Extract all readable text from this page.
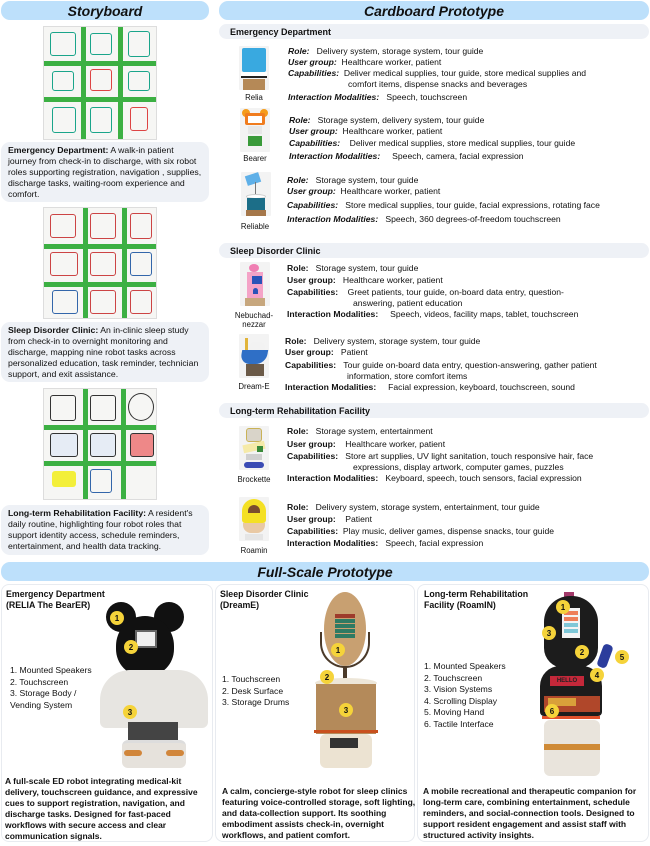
Storyboard
Emergency Department: A walk-in patient journey from check-in to discharge, with six robot roles supporting registration, navigation , supplies, discharge tasks, waiting-room experience and comfort.
Sleep Disorder Clinic: An in-clinic sleep study from check-in to overnight monitoring and discharge, mapping nine robot tasks across personalized education, task reminder, technician support, and exit assistance.
Long-term Rehabilitation Facility: A resident's daily routine, highlighting four robot roles that support identity access, schedule reminders, entertainment, and health data tracking.
Cardboard Prototype
Emergency Department
Relia
Role: Delivery system, storage system, tour guide
User group: Healthcare worker, patient
Capabilities: Deliver medical supplies, tour guide, store medical supplies and
comfort items, dispense snacks and beverages
Interaction Modalities: Speech, touchscreen
Bearer
Role: Storage system, delivery system, tour guide
User group: Healthcare worker, patient
Capabilities: Deliver medical supplies, store medical supplies, tour guide
Interaction Modalities: Speech, camera, facial expression
Reliable
Role: Storage system, tour guide
User group: Healthcare worker, patient
Capabilities: Store medical supplies, tour guide, facial expressions, rotating face
Interaction Modalities: Speech, 360 degrees-of-freedom touchscreen
Sleep Disorder Clinic
Nebuchad-
nezzar
Role: Storage system, tour guide
User group: Healthcare worker, patient
Capabilities: Greet patients, tour guide, on-board data entry, question-
answering, patient education
Interaction Modalities: Speech, videos, facility maps, tablet, touchscreen
Dream-E
Role: Delivery system, storage system, tour guide
User group: Patient
Capabilities: Tour guide on-board data entry, question-answering, gather patient
information, store comfort items
Interaction Modalities: Facial expression, keyboard, touchscreen, sound
Long-term Rehabilitation Facility
Brockette
Role: Storage system, entertainment
User group: Healthcare worker, patient
Capabilities: Store art supplies, UV light sanitation, touch responsive hair, face
expressions, display artwork, computer games, puzzles
Interaction Modalities: Keyboard, speech, touch sensors, facial expression
Roamin
Role: Delivery system, storage system, entertainment, tour guide
User group: Patient
Capabilities: Play music, deliver games, dispense snacks, tour guide
Interaction Modalities: Speech, facial expression
Full-Scale Prototype
Emergency Department
(RELIA The BearER)
1
2
3
1. Mounted Speakers
2. Touchscreen
3. Storage Body /
Vending System
A full-scale ED robot integrating medical-kit delivery, touchscreen guidance, and expressive cues to support registration, navigation, and discharge tasks. Designed for fast-paced workflows with secure access and clear communication signals.
Sleep Disorder Clinic
(DreamE)
1
2
3
1. Touchscreen
2. Desk Surface
3. Storage Drums
A calm, concierge-style robot for sleep clinics featuring voice-controlled storage, soft lighting, and data-collection support. Its soothing embodiment assists check-in, overnight workflows, and patient comfort.
Long-term Rehabilitation
Facility (RoamIN)
HELLO
1
2
3
4
5
6
1. Mounted Speakers
2. Touchscreen
3. Vision Systems
4. Scrolling Display
5. Moving Hand
6. Tactile Interface
A mobile recreational and therapeutic companion for long-term care, combining entertainment, schedule reminders, and social-connection tools. Designed to support resident engagement and assist staff with structured activity insights.
